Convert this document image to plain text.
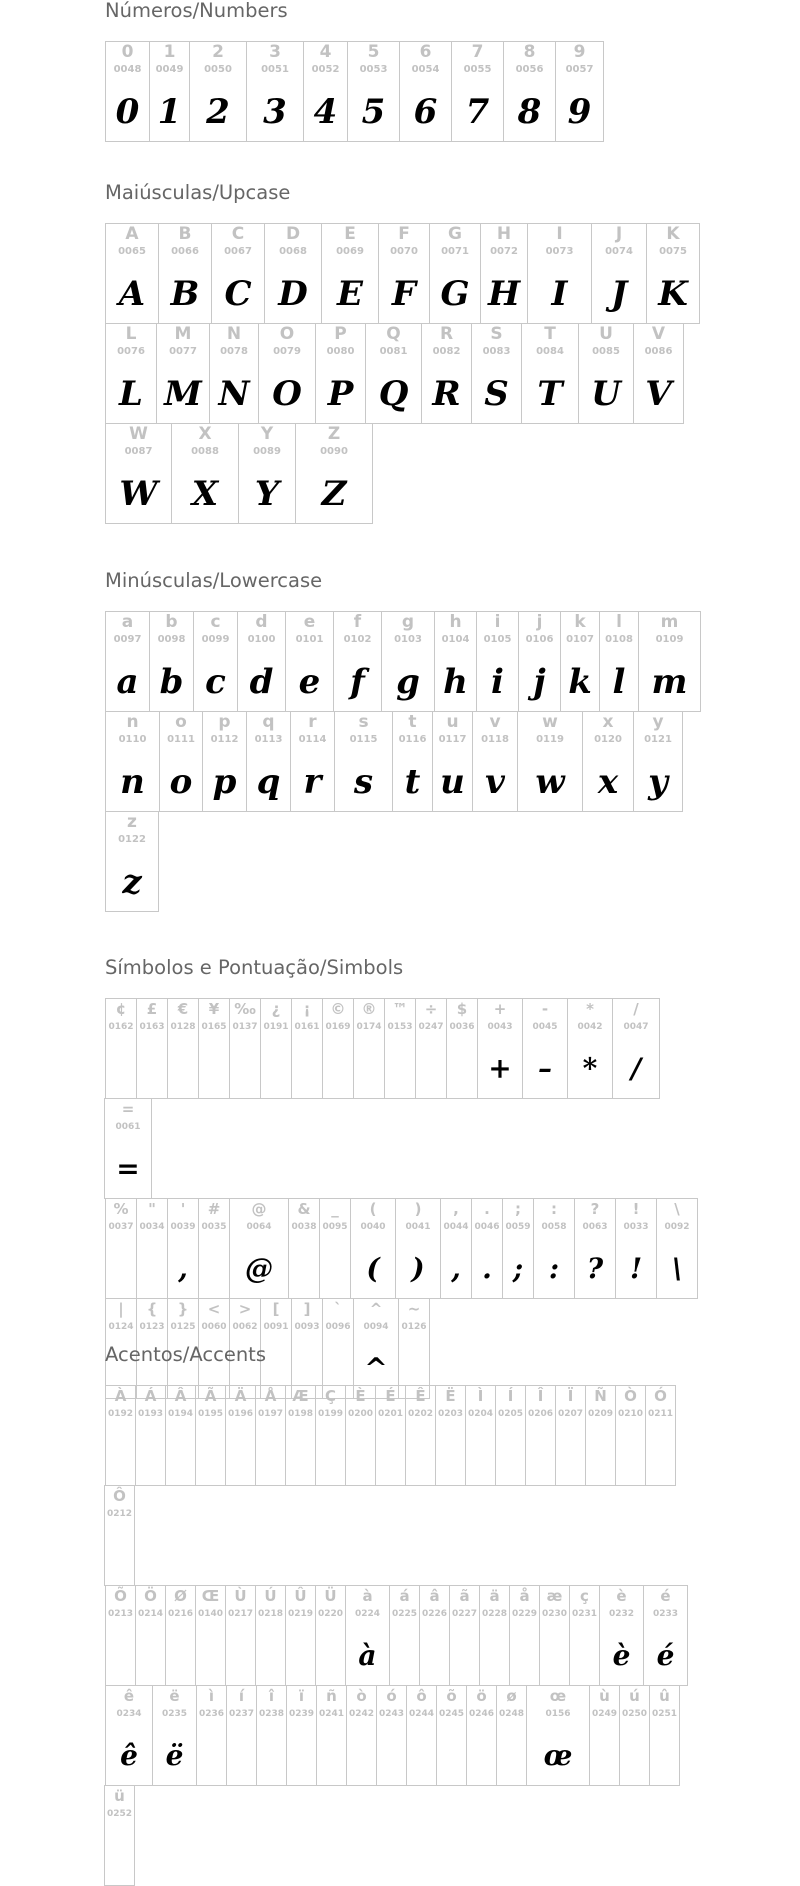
Números/Numbers
0
0048
0
1
0049
1
2
0050
2
3
0051
3
4
0052
4
5
0053
5
6
0054
6
7
0055
7
8
0056
8
9
0057
9
Maiúsculas/Upcase
A
0065
A
B
0066
B
C
0067
C
D
0068
D
E
0069
E
F
0070
F
G
0071
G
H
0072
H
I
0073
I
J
0074
J
K
0075
K
L
0076
L
M
0077
M
N
0078
N
O
0079
O
P
0080
P
Q
0081
Q
R
0082
R
S
0083
S
T
0084
T
U
0085
U
V
0086
V
W
0087
W
X
0088
X
Y
0089
Y
Z
0090
Z
Minúsculas/Lowercase
a
0097
a
b
0098
b
c
0099
c
d
0100
d
e
0101
e
f
0102
f
g
0103
g
h
0104
h
i
0105
i
j
0106
j
k
0107
k
l
0108
l
m
0109
m
n
0110
n
o
0111
o
p
0112
p
q
0113
q
r
0114
r
s
0115
s
t
0116
t
u
0117
u
v
0118
v
w
0119
w
x
0120
x
y
0121
y
z
0122
z
Símbolos e Pontuação/Simbols
¢
0162
£
0163
€
0128
¥
0165
‰
0137
¿
0191
¡
0161
©
0169
®
0174
™
0153
÷
0247
$
0036
+
0043
+
-
0045
–
*
0042
*
/
0047
/
=
0061
=
%
0037
"
0034
'
0039
,
#
0035
@
0064
@
&
0038
_
0095
(
0040
(
)
0041
)
,
0044
,
.
0046
.
;
0059
;
:
0058
:
?
0063
?
!
0033
!
\
0092
\
|
0124
{
0123
}
0125
<
0060
>
0062
[
0091
]
0093
`
0096
^
0094
^
~
0126
Acentos/Accents
À
0192
Á
0193
Â
0194
Ã
0195
Ä
0196
Å
0197
Æ
0198
Ç
0199
È
0200
É
0201
Ê
0202
Ë
0203
Ì
0204
Í
0205
Î
0206
Ï
0207
Ñ
0209
Ò
0210
Ó
0211
Ô
0212
Õ
0213
Ö
0214
Ø
0216
Œ
0140
Ù
0217
Ú
0218
Û
0219
Ü
0220
à
0224
à
á
0225
â
0226
ã
0227
ä
0228
å
0229
æ
0230
ç
0231
è
0232
è
é
0233
é
ê
0234
ê
ë
0235
ë
ì
0236
í
0237
î
0238
ï
0239
ñ
0241
ò
0242
ó
0243
ô
0244
õ
0245
ö
0246
ø
0248
œ
0156
œ
ù
0249
ú
0250
û
0251
ü
0252
